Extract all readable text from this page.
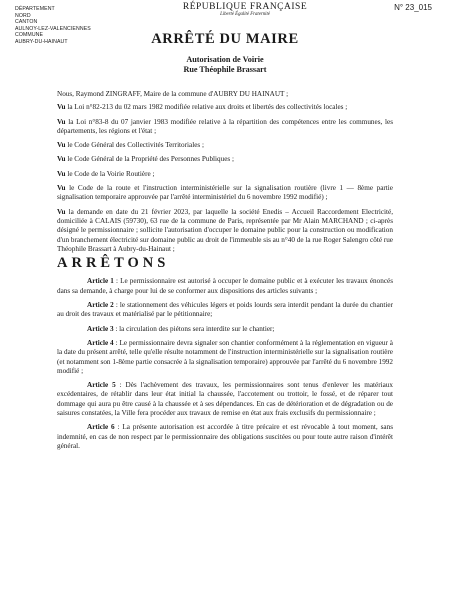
DÉPARTEMENT
NORD
CANTON
AULNOY-LEZ-VALENCIENNES
COMMUNE
AUBRY-DU-HAINAUT
RÉPUBLIQUE FRANÇAISE
Liberté Égalité Fraternité
N° 23_015
ARRÊTÉ DU MAIRE
Autorisation de Voirie
Rue Théophile Brassart

Nous, Raymond ZINGRAFF, Maire de la commune d'AUBRY DU HAINAUT ;

Vu la Loi n°82-213 du 02 mars 1982 modifiée relative aux droits et libertés des collectivités locales ;

Vu la Loi n°83-8 du 07 janvier 1983 modifiée relative à la répartition des compétences entre les communes, les départements, les régions et l'état ;

Vu le Code Général des Collectivités Territoriales ;

Vu le Code Général de la Propriété des Personnes Publiques ;

Vu le Code de la Voirie Routière ;

Vu le Code de la route et l'instruction interministérielle sur la signalisation routière (livre 1 — 8ème partie signalisation temporaire approuvée par l'arrêté interministériel du 6 novembre 1992 modifié) ;

Vu la demande en date du 21 février 2023, par laquelle la société Enedis – Accueil Raccordement Electricité, domiciliée à CALAIS (59730), 63 rue de la commune de Paris, représentée par Mr Alain MARCHAND ; ci-après désigné le permissionnaire ; sollicite l'autorisation d'occuper le domaine public pour la construction ou modification d'un branchement électricité sur domaine public au droit de l'immeuble sis au n°40 de la rue Roger Salengro côté rue Théophile Brassart à Aubry-du-Hainaut ;

ARRÊTONS

Article 1 : Le permissionnaire est autorisé à occuper le domaine public et à exécuter les travaux énoncés dans sa demande, à charge pour lui de se conformer aux dispositions des articles suivants ;

Article 2 : le stationnement des véhicules légers et poids lourds sera interdit pendant la durée du chantier au droit des travaux et matérialisé par le pétitionnaire;

Article 3 : la circulation des piétons sera interdite sur le chantier;

Article 4 : Le permissionnaire devra signaler son chantier conformément à la réglementation en vigueur à la date du présent arrêté, telle qu'elle résulte notamment de l'instruction interministérielle sur la signalisation routière (et notamment son 1-8ème partie consacrée à la signalisation temporaire) approuvée par l'arrêté du 6 novembre 1992 modifié ;

Article 5 : Dès l'achèvement des travaux, les permissionnaires sont tenus d'enlever les matériaux excédentaires, de rétablir dans leur état initial la chaussée, l'accotement ou trottoir, le fossé, et de réparer tout dommage qui aura pu être causé à la chaussée et à ses dépendances. En cas de détérioration et de dégradation ou de saisures constatées, la Ville fera procéder aux travaux de remise en état aux frais exclusifs du permissionnaire ;

Article 6 : La présente autorisation est accordée à titre précaire et est révocable à tout moment, sans indemnité, en cas de non respect par le permissionnaire des obligations suscitées ou pour toute autre raison d'intérêt général.
